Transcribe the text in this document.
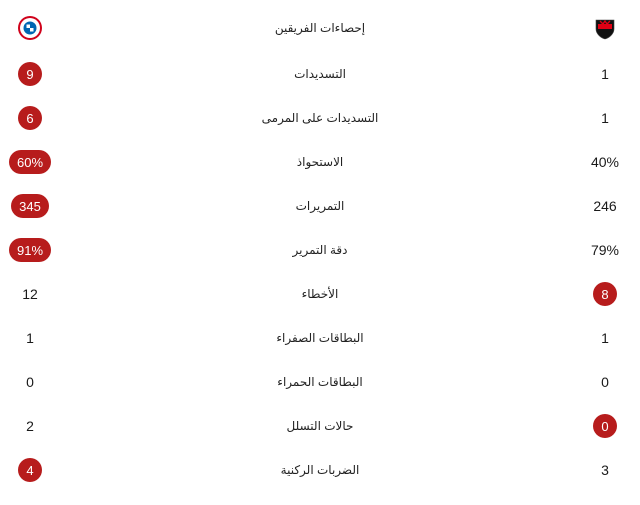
إحصاءات الفريقين
9	التسديدات	1
6	التسديدات على المرمى	1
60%	الاستحواذ	40%
345	التمريرات	246
91%	دقة التمرير	79%
12	الأخطاء	8
1	البطاقات الصفراء	1
0	البطاقات الحمراء	0
2	حالات التسلل	0
4	الضربات الركنية	3
